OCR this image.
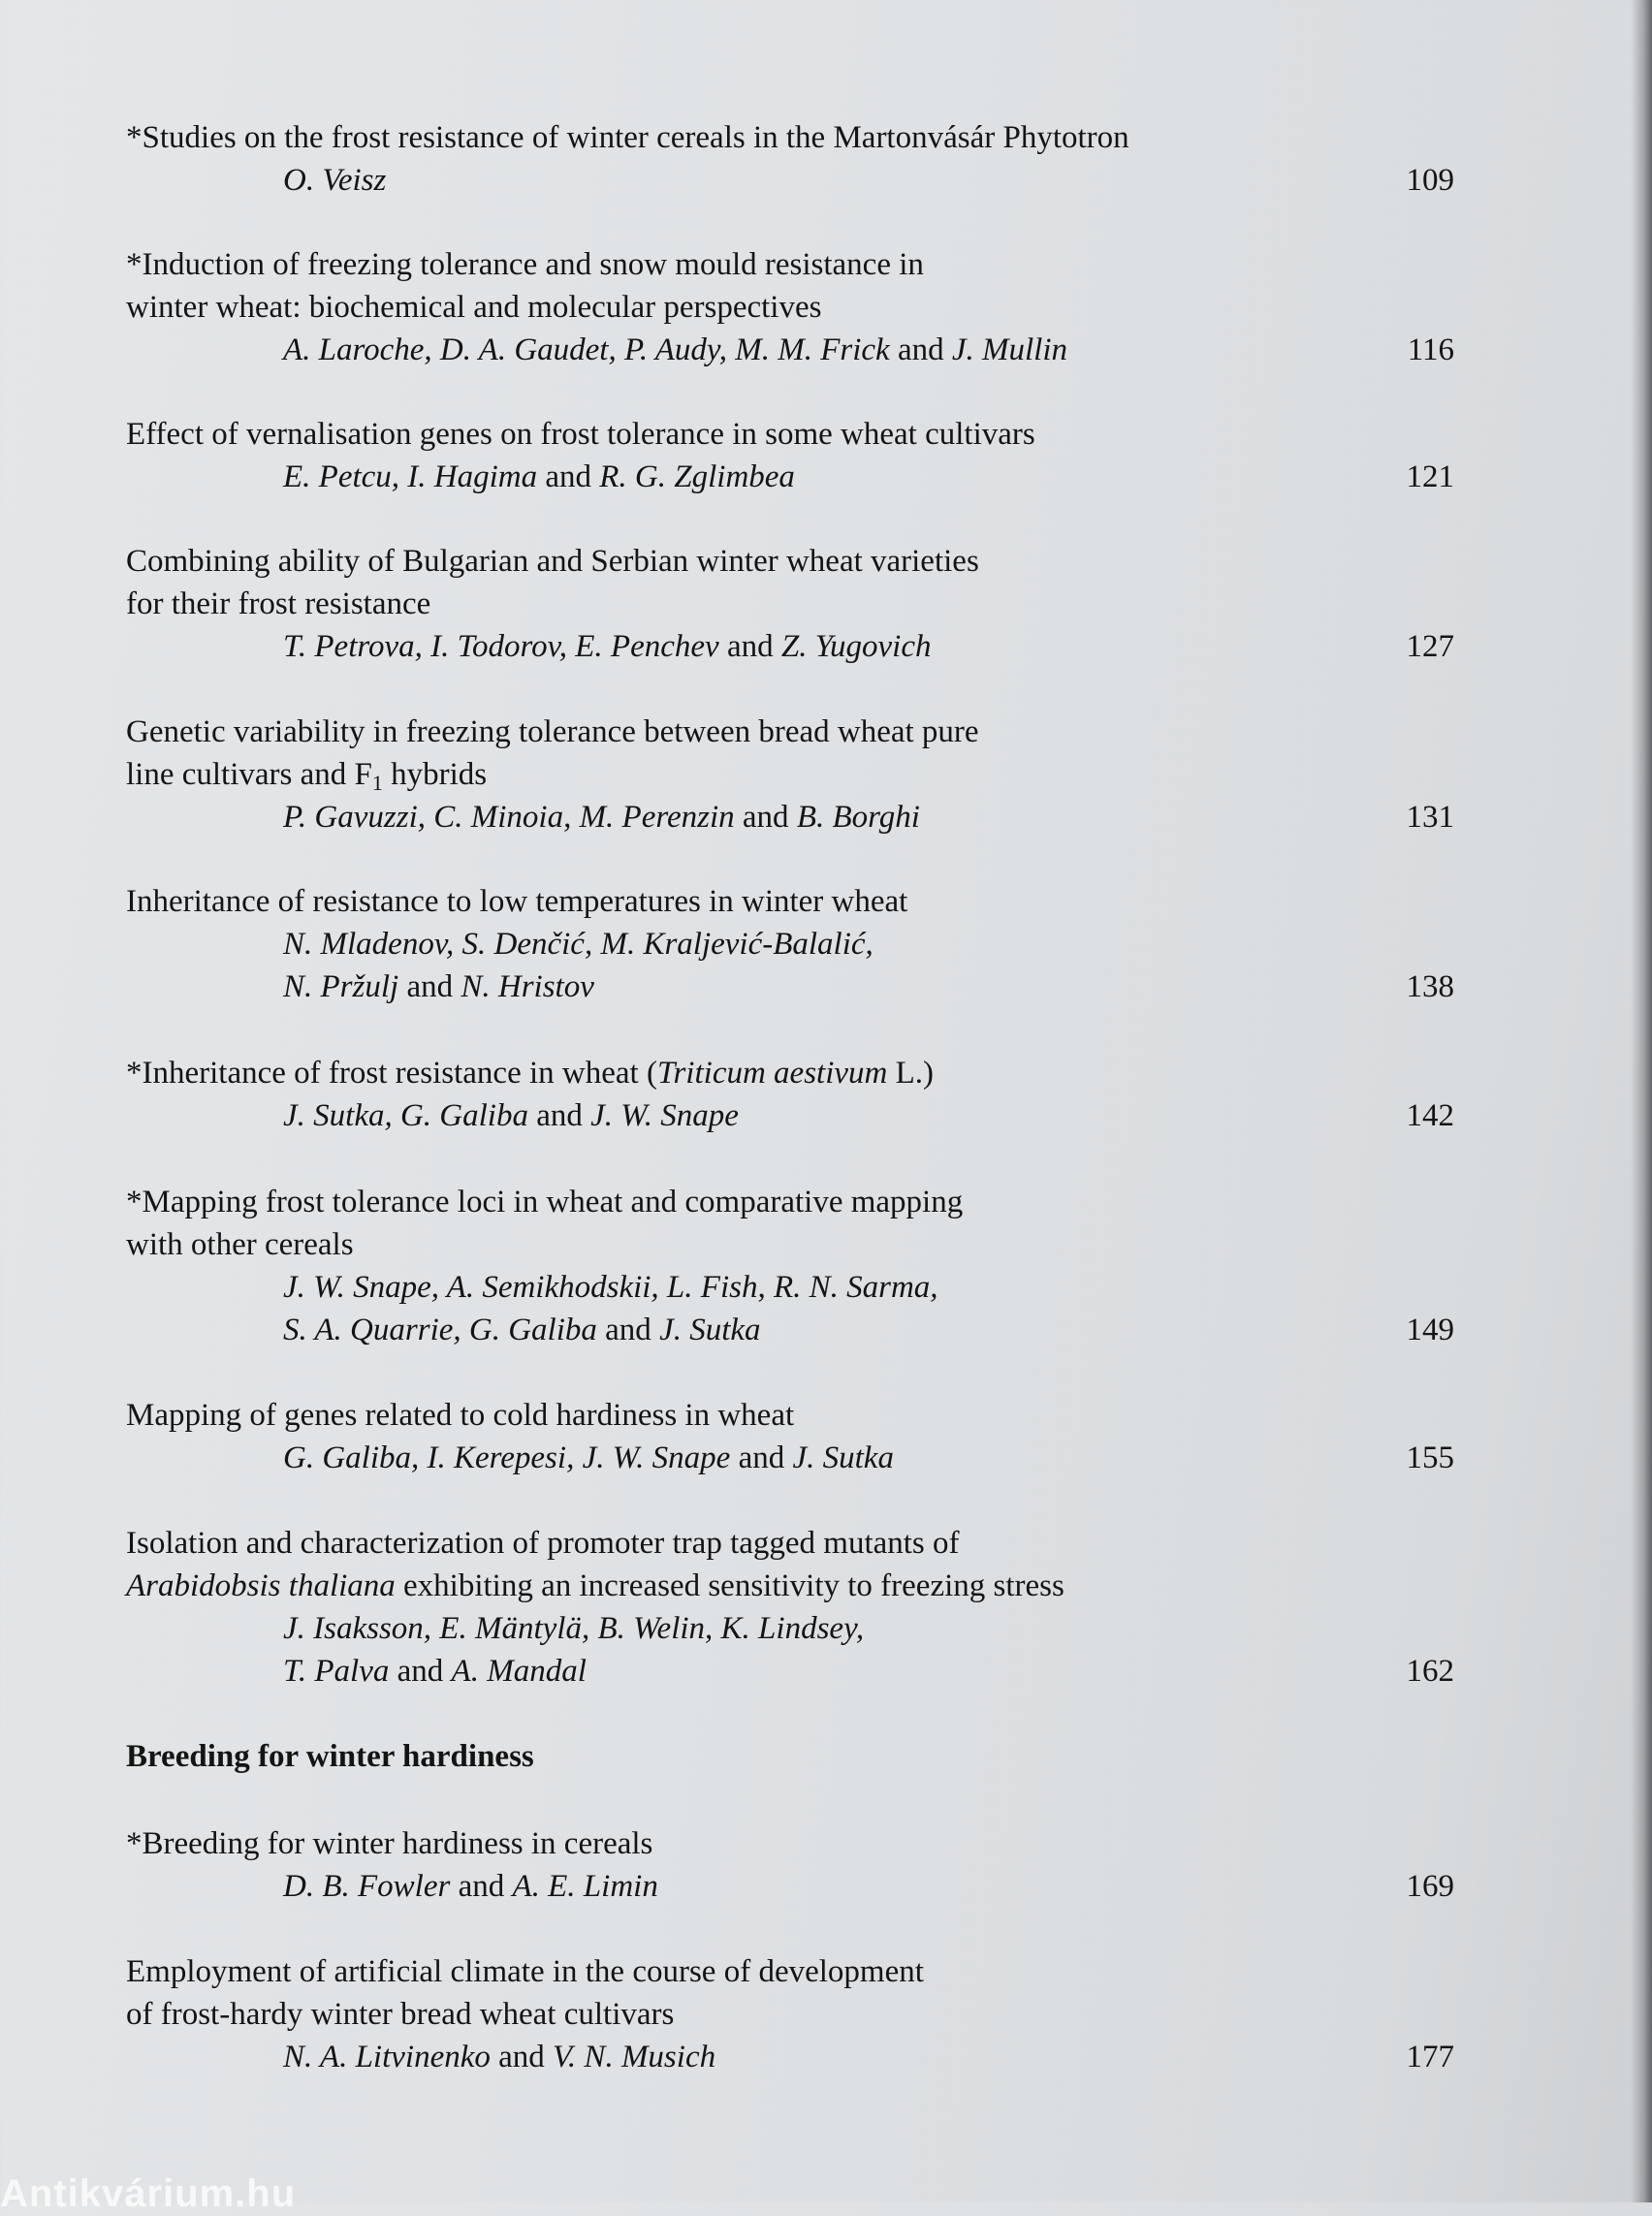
*Studies on the frost resistance of winter cereals in the Martonvásár Phytotron
O. Veisz	109
*Induction of freezing tolerance and snow mould resistance in
winter wheat: biochemical and molecular perspectives
A. Laroche, D. A. Gaudet, P. Audy, M. M. Frick and J. Mullin	116
Effect of vernalisation genes on frost tolerance in some wheat cultivars
E. Petcu, I. Hagima and R. G. Zglimbea	121
Combining ability of Bulgarian and Serbian winter wheat varieties
for their frost resistance
T. Petrova, I. Todorov, E. Penchev and Z. Yugovich	127
Genetic variability in freezing tolerance between bread wheat pure
line cultivars and $F_1$ hybrids
P. Gavuzzi, C. Minoia, M. Perenzin and B. Borghi	131
Inheritance of resistance to low temperatures in winter wheat
N. Mladenov, S. Denčić, M. Kraljević-Balalić,
N. Pržulj and N. Hristov	138
*Inheritance of frost resistance in wheat (Triticum aestivum L.)
J. Sutka, G. Galiba and J. W. Snape	142
*Mapping frost tolerance loci in wheat and comparative mapping
with other cereals
J. W. Snape, A. Semikhodskii, L. Fish, R. N. Sarma,
S. A. Quarrie, G. Galiba and J. Sutka	149
Mapping of genes related to cold hardiness in wheat
G. Galiba, I. Kerepesi, J. W. Snape and J. Sutka	155
Isolation and characterization of promoter trap tagged mutants of
Arabidobsis thaliana exhibiting an increased sensitivity to freezing stress
J. Isaksson, E. Mäntylä, B. Welin, K. Lindsey,
T. Palva and A. Mandal	162
Breeding for winter hardiness
*Breeding for winter hardiness in cereals
D. B. Fowler and A. E. Limin	169
Employment of artificial climate in the course of development
of frost-hardy winter bread wheat cultivars
N. A. Litvinenko and V. N. Musich	177
Antikvárium.hu
